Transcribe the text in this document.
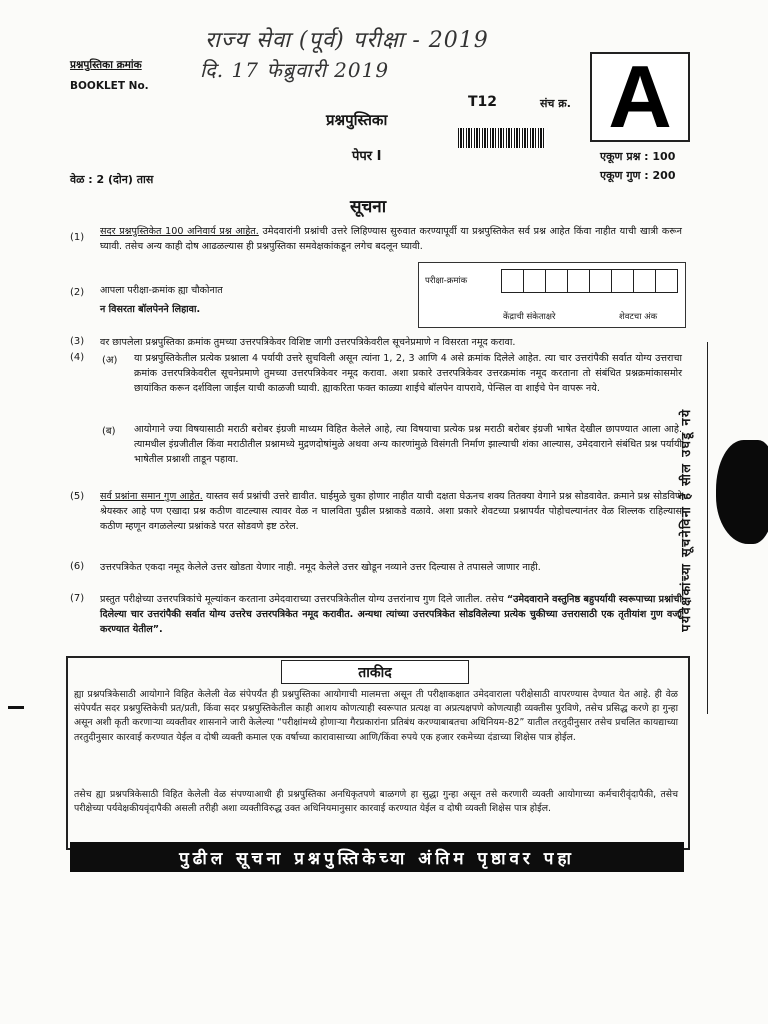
राज्य सेवा (पूर्व) परीक्षा - 2019
दि. 17 फेब्रुवारी 2019
प्रश्नपुस्तिका क्रमांक
BOOKLET No.
प्रश्नपुस्तिका
T12	संच क्र. A
पेपर I	एकूण प्रश्न : 100
एकूण गुण : 200
वेळ : 2 (दोन) तास
सूचना
(1)
सदर प्रश्नपुस्तिकेत 100 अनिवार्य प्रश्न आहेत. उमेदवारांनी प्रश्नांची उत्तरे लिहिण्यास सुरुवात करण्यापूर्वी या प्रश्नपुस्तिकेत सर्व प्रश्न आहेत किंवा नाहीत याची खात्री करून घ्यावी. तसेच अन्य काही दोष आढळल्यास ही प्रश्नपुस्तिका समवेक्षकांकडून लगेच बदलून घ्यावी.
(2) आपला परीक्षा-क्रमांक ह्या चौकोनात
न विसरता बॉलपेनने लिहावा.
परीक्षा-क्रमांक
केंद्राची संकेताक्षरे	शेवटचा अंक
(3) वर छापलेला प्रश्नपुस्तिका क्रमांक तुमच्या उत्तरपत्रिकेवर विशिष्ट जागी उत्तरपत्रिकेवरील सूचनेप्रमाणे न विसरता नमूद करावा.
(4) (अ) या प्रश्नपुस्तिकेतील प्रत्येक प्रश्नाला 4 पर्यायी उत्तरे सुचविली असून त्यांना 1, 2, 3 आणि 4 असे क्रमांक दिलेले आहेत. त्या चार उत्तरांपैकी सर्वात योग्य उत्तराचा क्रमांक उत्तरपत्रिकेवरील सूचनेप्रमाणे तुमच्या उत्तरपत्रिकेवर नमूद करावा. अशा प्रकारे उत्तरपत्रिकेवर उत्तरक्रमांक नमूद करताना तो संबंधित प्रश्नक्रमांकासमोर छायांकित करून दर्शविला जाईल याची काळजी घ्यावी. ह्याकरिता फक्त काळ्या शाईचे बॉलपेन वापरावे, पेन्सिल वा शाईचे पेन वापरू नये.
(ब) आयोगाने ज्या विषयासाठी मराठी बरोबर इंग्रजी माध्यम विहित केलेले आहे, त्या विषयाचा प्रत्येक प्रश्न मराठी बरोबर इंग्रजी भाषेत देखील छापण्यात आला आहे. त्यामधील इंग्रजीतील किंवा मराठीतील प्रश्नामध्ये मुद्रणदोषांमुळे अथवा अन्य कारणांमुळे विसंगती निर्माण झाल्याची शंका आल्यास, उमेदवाराने संबंधित प्रश्न पर्यायी भाषेतील प्रश्नाशी ताडून पहावा.
(5) सर्व प्रश्नांना समान गुण आहेत. यास्तव सर्व प्रश्नांची उत्तरे द्यावीत. घाईमुळे चुका होणार नाहीत याची दक्षता घेऊनच शक्य तितक्या वेगाने प्रश्न सोडवावेत. क्रमाने प्रश्न सोडविणे श्रेयस्कर आहे पण एखादा प्रश्न कठीण वाटल्यास त्यावर वेळ न घालविता पुढील प्रश्नाकडे वळावे. अशा प्रकारे शेवटच्या प्रश्नापर्यंत पोहोचल्यानंतर वेळ शिल्लक राहिल्यास कठीण म्हणून वगळलेल्या प्रश्नांकडे परत सोडवणे इष्ट ठरेल.
(6) उत्तरपत्रिकेत एकदा नमूद केलेले उत्तर खोडता येणार नाही. नमूद केलेले उत्तर खोडून नव्याने उत्तर दिल्यास ते तपासले जाणार नाही.
(7) प्रस्तुत परीक्षेच्या उत्तरपत्रिकांचे मूल्यांकन करताना उमेदवाराच्या उत्तरपत्रिकेतील योग्य उत्तरांनाच गुण दिले जातील. तसेच “उमेदवाराने वस्तुनिष्ठ बहुपर्यायी स्वरूपाच्या प्रश्नांची दिलेल्या चार उत्तरांपैकी सर्वात योग्य उत्तरेच उत्तरपत्रिकेत नमूद करावीत. अन्यथा त्यांच्या उत्तरपत्रिकेत सोडविलेल्या प्रत्येक चुकीच्या उत्तरासाठी एक तृतीयांश गुण वजा करण्यात येतील”.	पर्यवेक्षकांच्या सूचनेविना हे सील उघडू नये
ताकीद
ह्या प्रश्नपत्रिकेसाठी आयोगाने विहित केलेली वेळ संपेपर्यंत ही प्रश्नपुस्तिका आयोगाची मालमत्ता असून ती परीक्षाकक्षात उमेदवाराला परीक्षेसाठी वापरण्यास देण्यात येत आहे. ही वेळ संपेपर्यंत सदर प्रश्नपुस्तिकेची प्रत/प्रती, किंवा सदर प्रश्नपुस्तिकेतील काही आशय कोणत्याही स्वरूपात प्रत्यक्ष वा अप्रत्यक्षपणे कोणत्याही व्यक्तीस पुरविणे, तसेच प्रसिद्ध करणे हा गुन्हा असून अशी कृती करणाऱ्या व्यक्तीवर शासनाने जारी केलेल्या “परीक्षांमध्ये होणाऱ्या गैरप्रकारांना प्रतिबंध करण्याबाबतचा अधिनियम-82” यातील तरतुदीनुसार तसेच प्रचलित कायद्याच्या तरतुदीनुसार कारवाई करण्यात येईल व दोषी व्यक्ती कमाल एक वर्षाच्या कारावासाच्या आणि/किंवा रुपये एक हजार रकमेच्या दंडाच्या शिक्षेस पात्र होईल.
तसेच ह्या प्रश्नपत्रिकेसाठी विहित केलेली वेळ संपण्याआधी ही प्रश्नपुस्तिका अनधिकृतपणे बाळगणे हा सुद्धा गुन्हा असून तसे करणारी व्यक्ती आयोगाच्या कर्मचारीवृंदापैकी, तसेच परीक्षेच्या पर्यवेक्षकीयवृंदापैकी असली तरीही अशा व्यक्तीविरुद्ध उक्त अधिनियमानुसार कारवाई करण्यात येईल व दोषी व्यक्ती शिक्षेस पात्र होईल.
पुढील सूचना प्रश्नपुस्तिकेच्या अंतिम पृष्ठावर पहा
